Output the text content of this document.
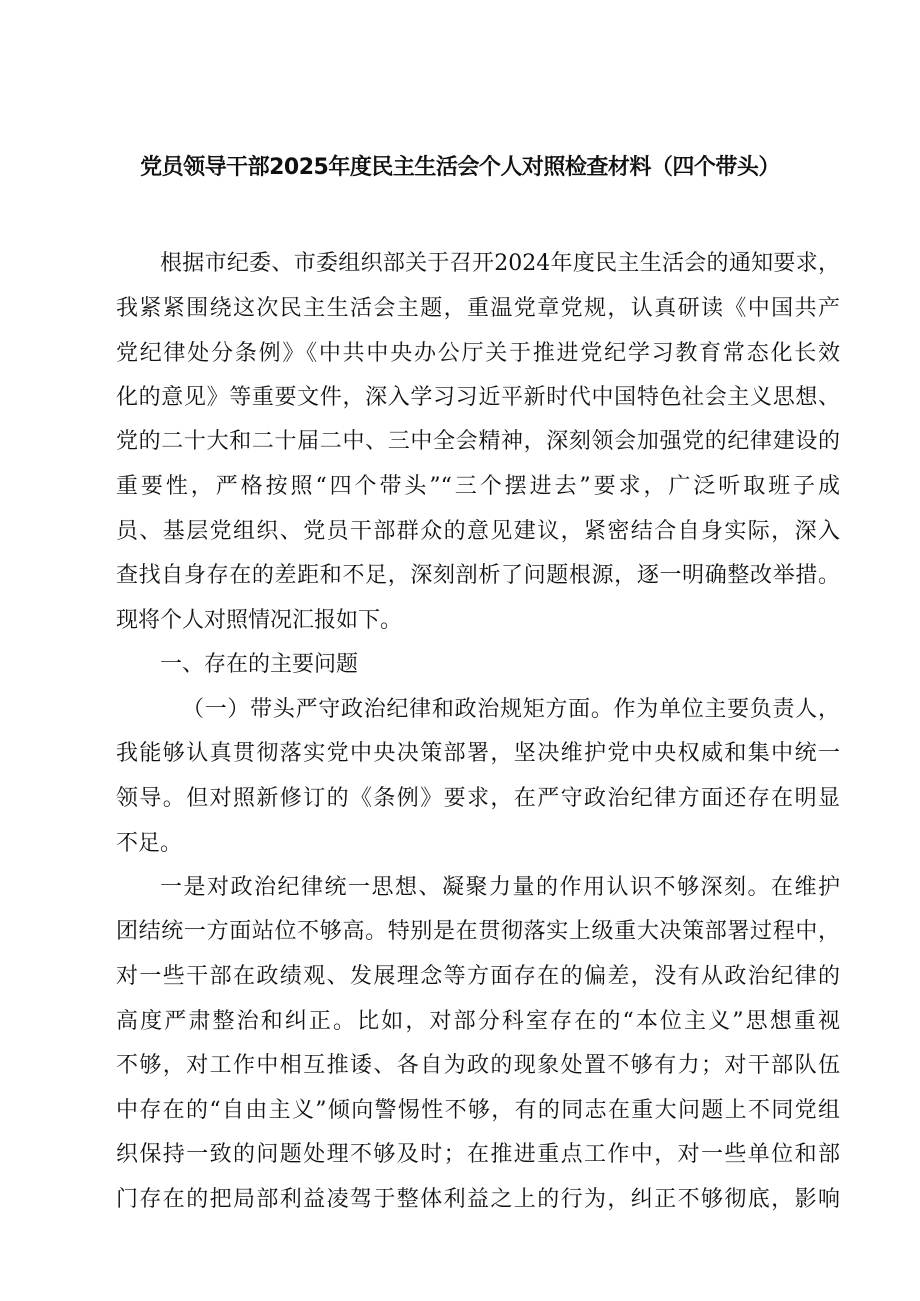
党员领导干部2025年度民主生活会个人对照检查材料（四个带头）
根据市纪委、市委组织部关于召开2024年度民主生活会的通知要求，
我紧紧围绕这次民主生活会主题，重温党章党规，认真研读《中国共产
党纪律处分条例》《中共中央办公厅关于推进党纪学习教育常态化长效
化的意见》等重要文件，深入学习习近平新时代中国特色社会主义思想、
党的二十大和二十届二中、三中全会精神，深刻领会加强党的纪律建设的
重要性，严格按照“四个带头”“三个摆进去”要求，广泛听取班子成
员、基层党组织、党员干部群众的意见建议，紧密结合自身实际，深入
查找自身存在的差距和不足，深刻剖析了问题根源，逐一明确整改举措。
现将个人对照情况汇报如下。
一、存在的主要问题
（一）带头严守政治纪律和政治规矩方面。作为单位主要负责人，
我能够认真贯彻落实党中央决策部署，坚决维护党中央权威和集中统一
领导。但对照新修订的《条例》要求，在严守政治纪律方面还存在明显
不足。
一是对政治纪律统一思想、凝聚力量的作用认识不够深刻。在维护
团结统一方面站位不够高。特别是在贯彻落实上级重大决策部署过程中，
对一些干部在政绩观、发展理念等方面存在的偏差，没有从政治纪律的
高度严肃整治和纠正。比如，对部分科室存在的“本位主义”思想重视
不够，对工作中相互推诿、各自为政的现象处置不够有力；对干部队伍
中存在的“自由主义”倾向警惕性不够，有的同志在重大问题上不同党组
织保持一致的问题处理不够及时；在推进重点工作中，对一些单位和部
门存在的把局部利益凌驾于整体利益之上的行为，纠正不够彻底，影响
